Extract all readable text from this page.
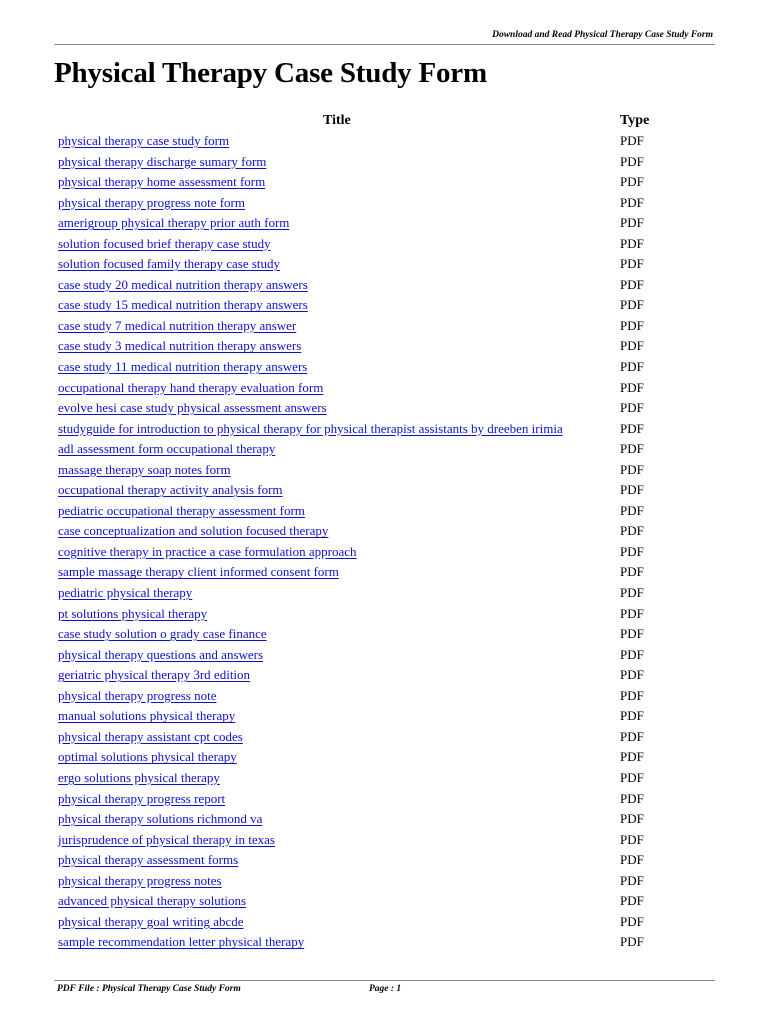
Download and Read Physical Therapy Case Study Form
Physical Therapy Case Study Form
Title	Type
physical therapy case study form	PDF
physical therapy discharge sumary form	PDF
physical therapy home assessment form	PDF
physical therapy progress note form	PDF
amerigroup physical therapy prior auth form	PDF
solution focused brief therapy case study	PDF
solution focused family therapy case study	PDF
case study 20 medical nutrition therapy answers	PDF
case study 15 medical nutrition therapy answers	PDF
case study 7 medical nutrition therapy answer	PDF
case study 3 medical nutrition therapy answers	PDF
case study 11 medical nutrition therapy answers	PDF
occupational therapy hand therapy evaluation form	PDF
evolve hesi case study physical assessment answers	PDF
studyguide for introduction to physical therapy for physical therapist assistants by dreeben irimia	PDF
adl assessment form occupational therapy	PDF
massage therapy soap notes form	PDF
occupational therapy activity analysis form	PDF
pediatric occupational therapy assessment form	PDF
case conceptualization and solution focused therapy	PDF
cognitive therapy in practice a case formulation approach	PDF
sample massage therapy client informed consent form	PDF
pediatric physical therapy	PDF
pt solutions physical therapy	PDF
case study solution o grady case finance	PDF
physical therapy questions and answers	PDF
geriatric physical therapy 3rd edition	PDF
physical therapy progress note	PDF
manual solutions physical therapy	PDF
physical therapy assistant cpt codes	PDF
optimal solutions physical therapy	PDF
ergo solutions physical therapy	PDF
physical therapy progress report	PDF
physical therapy solutions richmond va	PDF
jurisprudence of physical therapy in texas	PDF
physical therapy assessment forms	PDF
physical therapy progress notes	PDF
advanced physical therapy solutions	PDF
physical therapy goal writing abcde	PDF
sample recommendation letter physical therapy	PDF
PDF File : Physical Therapy Case Study Form	Page : 1
